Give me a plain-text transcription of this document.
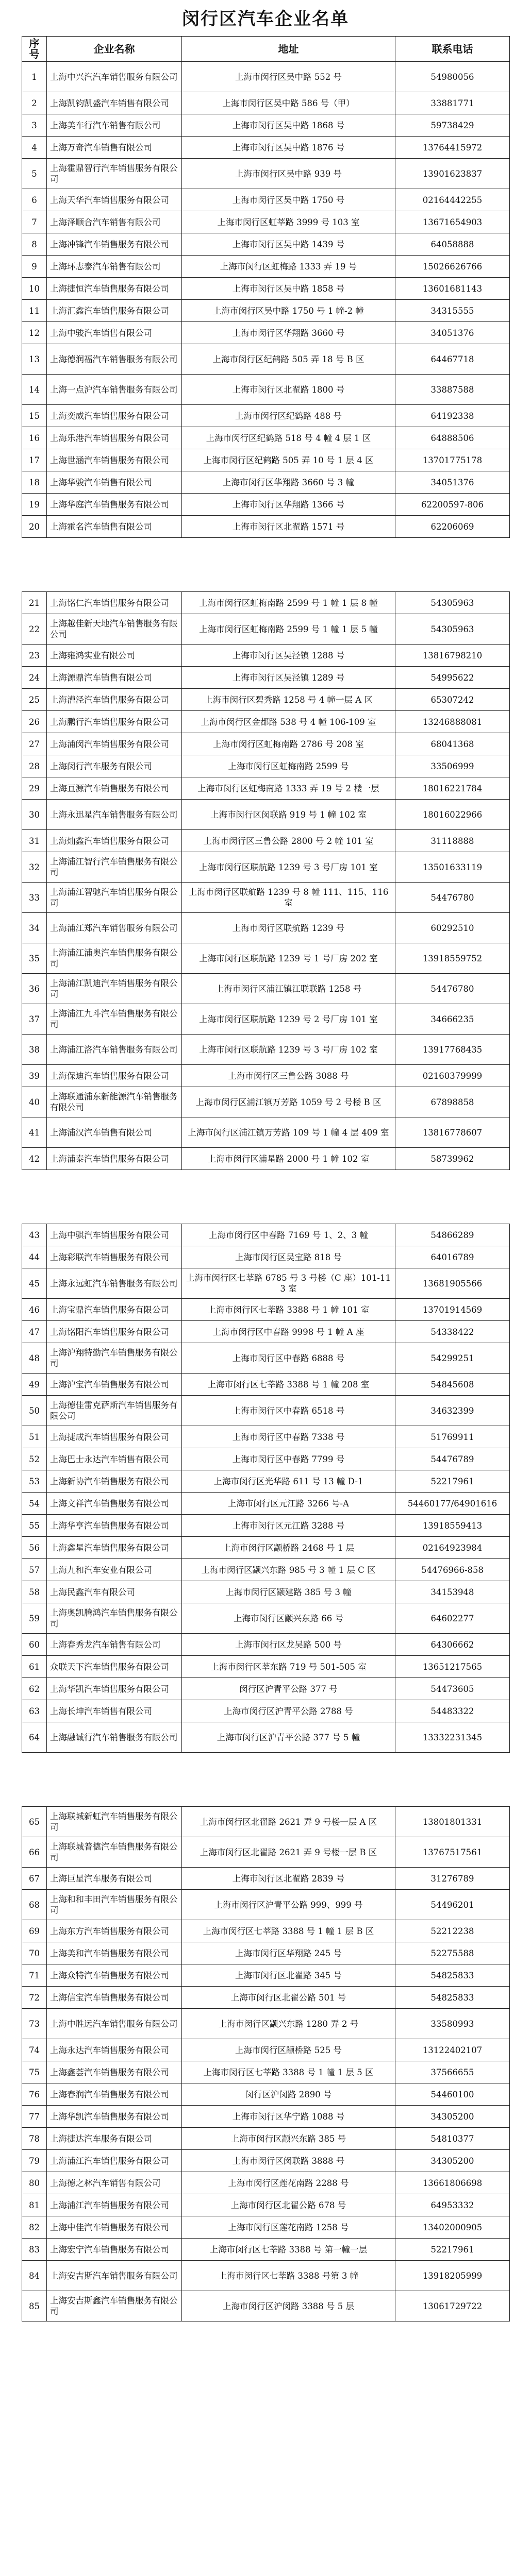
闵行区汽车企业名单
序号	企业名称	地址	联系电话
1	上海中兴汽汽车销售服务有限公司	上海市闵行区吴中路 552 号	54980056
2	上海凯钧凯盛汽车销售有限公司	上海市闵行区吴中路 586 号（甲）	33881771
3	上海美车行汽车销售有限公司	上海市闵行区吴中路 1868 号	59738429
4	上海万奇汽车销售有限公司	上海市闵行区吴中路 1876 号	13764415972
5	上海霍鼎智行汽车销售服务有限公司	上海市闵行区吴中路 939 号	13901623837
6	上海天华汽车销售服务有限公司	上海市闵行区吴中路 1750 号	02164442255
7	上海泽顺合汽车销售有限公司	上海市闵行区虹莘路 3999 号 103 室	13671654903
8	上海冲锋汽车销售服务有限公司	上海市闵行区吴中路 1439 号	64058888
9	上海环志泰汽车销售有限公司	上海市闵行区虹梅路 1333 弄 19 号	15026626766
10	上海捷恒汽车销售服务有限公司	上海市闵行区吴中路 1858 号	13601681143
11	上海汇鑫汽车销售服务有限公司	上海市闵行区吴中路 1750 号 1 幢-2 幢	34315555
12	上海中骏汽车销售有限公司	上海市闵行区华翔路 3660 号	34051376
13	上海德润福汽车销售服务有限公司	上海市闵行区纪鹤路 505 弄 18 号 B 区	64467718
14	上海一点沪汽车销售服务有限公司	上海市闵行区北翟路 1800 号	33887588
15	上海奕威汽车销售服务有限公司	上海市闵行区纪鹤路 488 号	64192338
16	上海乐港汽车销售服务有限公司	上海市闵行区纪鹤路 518 号 4 幢 4 层 1 区	64888506
17	上海世涵汽车销售服务有限公司	上海市闵行区纪鹤路 505 弄 10 号 1 层 4 区	13701775178
18	上海华骏汽车销售有限公司	上海市闵行区华翔路 3660 号 3 幢	34051376
19	上海华庭汽车销售服务有限公司	上海市闵行区华翔路 1366 号	62200597-806
20	上海霍名汽车销售有限公司	上海市闵行区北翟路 1571 号	62206069
21	上海铭仁汽车销售服务有限公司	上海市闵行区虹梅南路 2599 号 1 幢 1 层 8 幢	54305963
22	上海越佳新天地汽车销售服务有限公司	上海市闵行区虹梅南路 2599 号 1 幢 1 层 5 幢	54305963
23	上海雍鸿实业有限公司	上海市闵行区吴泾镇 1288 号	13816798210
24	上海源鼎汽车销售有限公司	上海市闵行区吴泾镇 1289 号	54995622
25	上海漕泾汽车销售服务有限公司	上海市闵行区碧秀路 1258 号 4 幢一层 A 区	65307242
26	上海鹏行汽车销售服务有限公司	上海市闵行区金都路 538 号 4 幢 106-109 室	13246888081
27	上海浦闵汽车销售服务有限公司	上海市闵行区虹梅南路 2786 号 208 室	68041368
28	上海闵行汽车服务有限公司	上海市闵行区虹梅南路 2599 号	33506999
29	上海亘源汽车销售服务有限公司	上海市闵行区虹梅南路 1333 弄 19 号 2 楼一层	18016221784
30	上海永迅星汽车销售服务有限公司	上海市闵行区闵联路 919 号 1 幢 102 室	18016022966
31	上海灿鑫汽车销售服务有限公司	上海市闵行区三鲁公路 2800 号 2 幢 101 室	31118888
32	上海浦江智行汽车销售服务有限公司	上海市闵行区联航路 1239 号 3 号厂房 101 室	13501633119
33	上海浦江智驰汽车销售服务有限公司	上海市闵行区联航路 1239 号 8 幢 111、115、116 室	54476780
34	上海浦江郑汽车销售服务有限公司	上海市闵行区联航路 1239 号	60292510
35	上海浦江浦奥汽车销售服务有限公司	上海市闵行区联航路 1239 号 1 号厂房 202 室	13918559752
36	上海浦江凯迪汽车销售服务有限公司	上海市闵行区浦江镇江联联路 1258 号	54476780
37	上海浦江九斗汽车销售服务有限公司	上海市闵行区联航路 1239 号 2 号厂房 101 室	34666235
38	上海浦江洛汽车销售服务有限公司	上海市闵行区联航路 1239 号 3 号厂房 102 室	13917768435
39	上海保迪汽车销售服务有限公司	上海市闵行区三鲁公路 3088 号	02160379999
40	上海联通浦东新能源汽车销售服务有限公司	上海市闵行区浦江镇万芳路 1059 号 2 号楼 B 区	67898858
41	上海浦汉汽车销售有限公司	上海市闵行区浦江镇万芳路 109 号 1 幢 4 层 409 室	13816778607
42	上海浦泰汽车销售服务有限公司	上海市闵行区浦星路 2000 号 1 幢 102 室	58739962
43	上海中骐汽车销售服务有限公司	上海市闵行区中春路 7169 号 1、2、3 幢	54866289
44	上海彩联汽车销售服务有限公司	上海市闵行区吴宝路 818 号	64016789
45	上海永远虹汽车销售服务有限公司	上海市闵行区七莘路 6785 号 3 号楼（C 座）101-113 室	13681905566
46	上海宝鼎汽车销售服务有限公司	上海市闵行区七莘路 3388 号 1 幢 101 室	13701914569
47	上海铭阳汽车销售服务有限公司	上海市闵行区中春路 9998 号 1 幢 A 座	54338422
48	上海沪翔特勤汽车销售服务有限公司	上海市闵行区中春路 6888 号	54299251
49	上海沪宝汽车销售服务有限公司	上海市闵行区七莘路 3388 号 1 幢 208 室	54845608
50	上海德佳雷克萨斯汽车销售服务有限公司	上海市闵行区中春路 6518 号	34632399
51	上海捷成汽车销售服务有限公司	上海市闵行区中春路 7338 号	51769911
52	上海巴士永达汽车销售有限公司	上海市闵行区中春路 7799 号	54476789
53	上海新协汽车销售服务有限公司	上海市闵行区光华路 611 号 13 幢 D-1	52217961
54	上海文祥汽车销售服务有限公司	上海市闵行区元江路 3266 号-A	54460177/64901616
55	上海华亨汽车销售服务有限公司	上海市闵行区元江路 3288 号	13918559413
56	上海鑫星汽车销售服务有限公司	上海市闵行区颛桥路 2468 号 1 层	02164923984
57	上海九和汽车安业有限公司	上海市闵行区颛兴东路 985 号 3 幢 1 层 C 区	54476966-858
58	上海民鑫汽车有限公司	上海市闵行区颛建路 385 号 3 幢	34153948
59	上海奥凯腾鸿汽车销售服务有限公司	上海市闵行区颛兴东路 66 号	64602277
60	上海春秀龙汽车销售有限公司	上海市闵行区龙吴路 500 号	64306662
61	众联天下汽车销售服务有限公司	上海市闵行区莘东路 719 号 501-505 室	13651217565
62	上海华凯汽车销售服务有限公司	闵行区沪青平公路 377 号	54473605
63	上海长坤汽车销售有限公司	上海市闵行区沪青平公路 2788 号	54483322
64	上海融诚行汽车销售服务有限公司	上海市闵行区沪青平公路 377 号 5 幢	13332231345
65	上海联城新虹汽车销售服务有限公司	上海市闵行区北翟路 2621 弄 9 号楼一层 A 区	13801801331
66	上海联城普德汽车销售服务有限公司	上海市闵行区北翟路 2621 弄 9 号楼一层 B 区	13767517561
67	上海巨星汽车服务有限公司	上海市闵行区北翟路 2839 号	31276789
68	上海和和丰田汽车销售服务有限公司	上海市闵行区沪青平公路 999、999 号	54496201
69	上海东方汽车销售服务有限公司	上海市闵行区七莘路 3388 号 1 幢 1 层 B 区	52212238
70	上海美和汽车销售服务有限公司	上海市闵行区华翔路 245 号	52275588
71	上海众特汽车销售服务有限公司	上海市闵行区北翟路 345 号	54825833
72	上海信宝汽车销售服务有限公司	上海市闵行区北翟公路 501 号	54825833
73	上海中胜远汽车销售服务有限公司	上海市闵行区颛兴东路 1280 弄 2 号	33580993
74	上海永达汽车销售服务有限公司	上海市闵行区颛桥路 525 号	13122402107
75	上海鑫荟汽车销售服务有限公司	上海市闵行区七莘路 3388 号 1 幢 1 层 5 区	37566655
76	上海春润汽车销售服务有限公司	闵行区沪闵路 2890 号	54460100
77	上海华凯汽车销售服务有限公司	上海市闵行区华宁路 1088 号	34305200
78	上海捷达汽车服务有限公司	上海市闵行区颛兴东路 385 号	54810377
79	上海浦江汽车销售服务有限公司	上海市闵行区闵联路 3888 号	34305200
80	上海德之林汽车销售有限公司	上海市闵行区莲花南路 2288 号	13661806698
81	上海浦江汽车销售服务有限公司	上海市闵行区北翟公路 678 号	64953332
82	上海中佳汽车销售服务有限公司	上海市闵行区莲花南路 1258 号	13402000905
83	上海宏宁汽车销售服务有限公司	上海市闵行区七莘路 3388 号 第一幢一层	52217961
84	上海安吉斯汽车销售服务有限公司	上海市闵行区七莘路 3388 号第 3 幢	13918205999
85	上海安吉斯鑫汽车销售服务有限公司	上海市闵行区沪闵路 3388 号 5 层	13061729722
